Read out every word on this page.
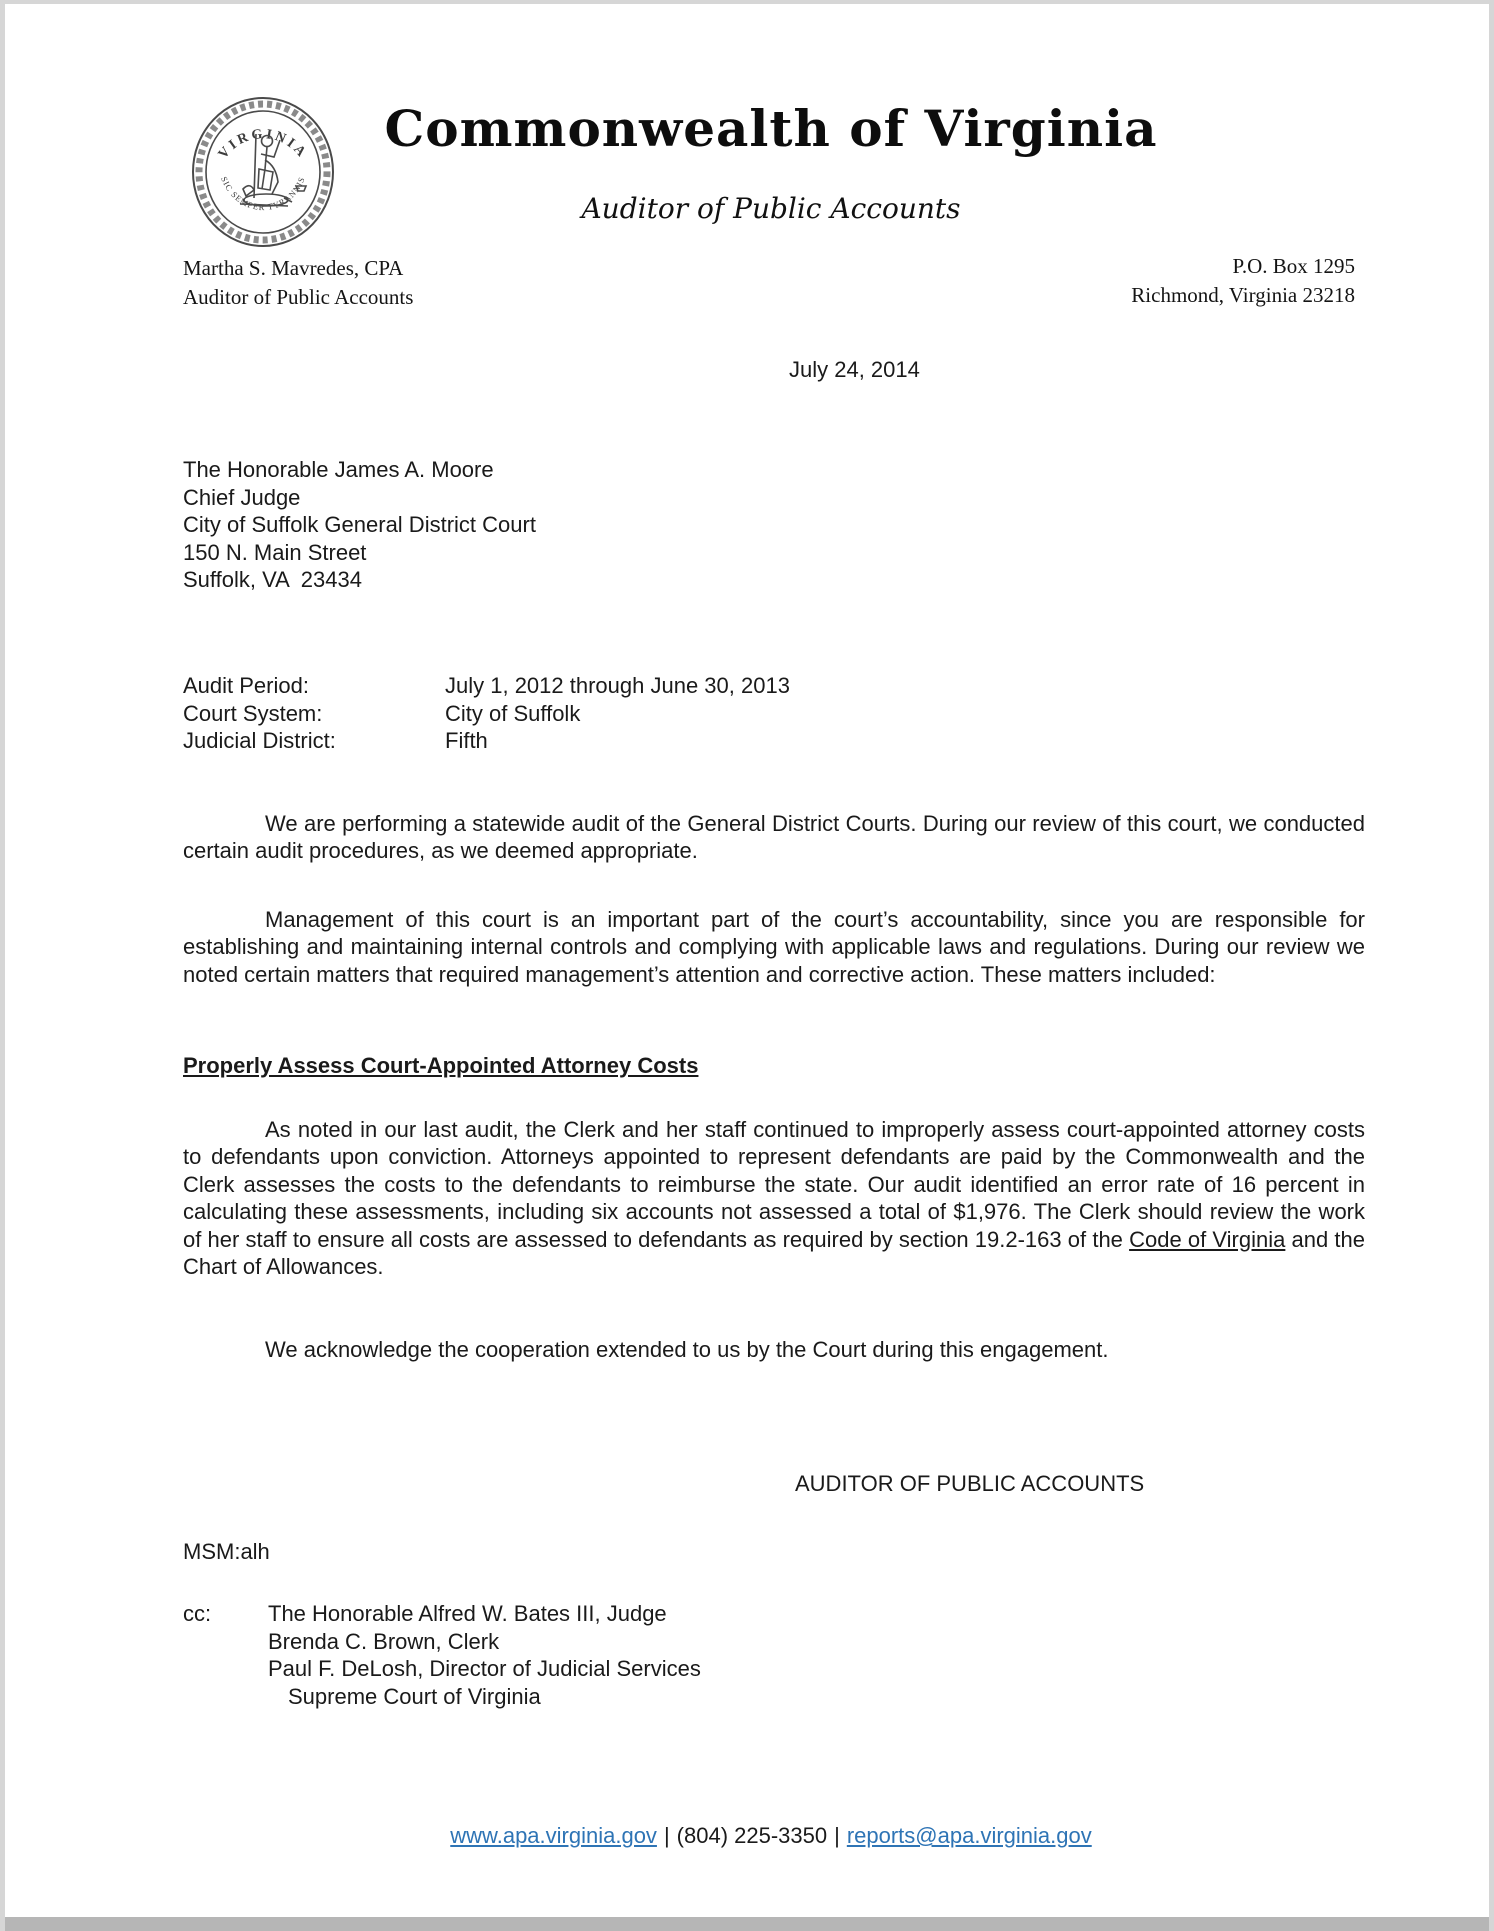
VIRGINIA
SIC SEMPER TYRANNIS
Commonwealth of Virginia
Auditor of Public Accounts
Martha S. Mavredes, CPA
Auditor of Public Accounts
P.O. Box 1295
Richmond, Virginia 23218
July 24, 2014
The Honorable James A. Moore
Chief Judge
City of Suffolk General District Court
150 N. Main Street
Suffolk, VA  23434
Audit Period:	July 1, 2012 through June 30, 2013
Court System:	City of Suffolk
Judicial District:	Fifth
We are performing a statewide audit of the General District Courts. During our review of this court, we conducted certain audit procedures, as we deemed appropriate.
Management of this court is an important part of the court’s accountability, since you are responsible for establishing and maintaining internal controls and complying with applicable laws and regulations. During our review we noted certain matters that required management’s attention and corrective action. These matters included:
Properly Assess Court-Appointed Attorney Costs
As noted in our last audit, the Clerk and her staff continued to improperly assess court-appointed attorney costs to defendants upon conviction. Attorneys appointed to represent defendants are paid by the Commonwealth and the Clerk assesses the costs to the defendants to reimburse the state. Our audit identified an error rate of 16 percent in calculating these assessments, including six accounts not assessed a total of $1,976. The Clerk should review the work of her staff to ensure all costs are assessed to defendants as required by section 19.2-163 of the Code of Virginia and the Chart of Allowances.
We acknowledge the cooperation extended to us by the Court during this engagement.
AUDITOR OF PUBLIC ACCOUNTS
MSM:alh
cc:	The Honorable Alfred W. Bates III, Judge
Brenda C. Brown, Clerk
Paul F. DeLosh, Director of Judicial Services
Supreme Court of Virginia
www.apa.virginia.gov | (804) 225-3350 | reports@apa.virginia.gov
